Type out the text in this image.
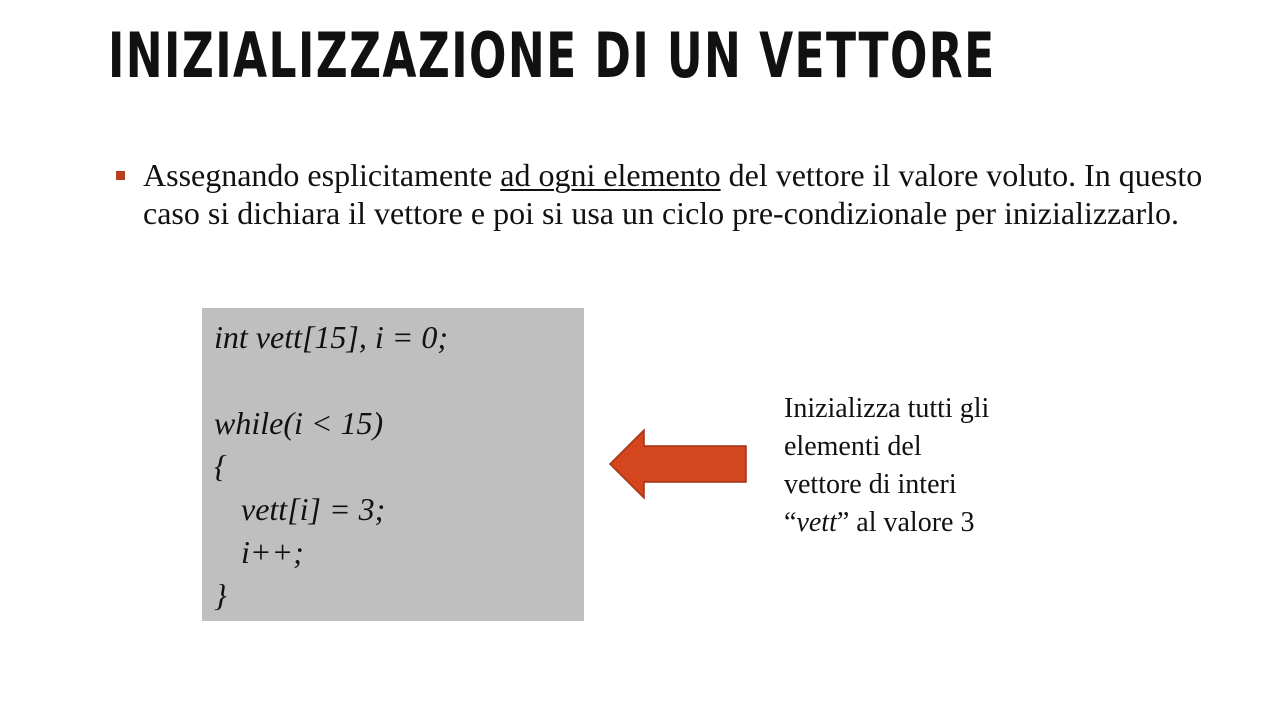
INIZIALIZZAZIONE DI UN VETTORE

Assegnando esplicitamente ad ogni elemento del vettore il valore voluto. In questo caso si dichiara il vettore e poi si usa un ciclo pre-condizionale per inizializzarlo.

int vett[15], i = 0;
while(i < 15)
{
vett[i] = 3;
i++;
}

Inizializza tutti gli

elementi del

vettore di interi

“vett” al valore 3
